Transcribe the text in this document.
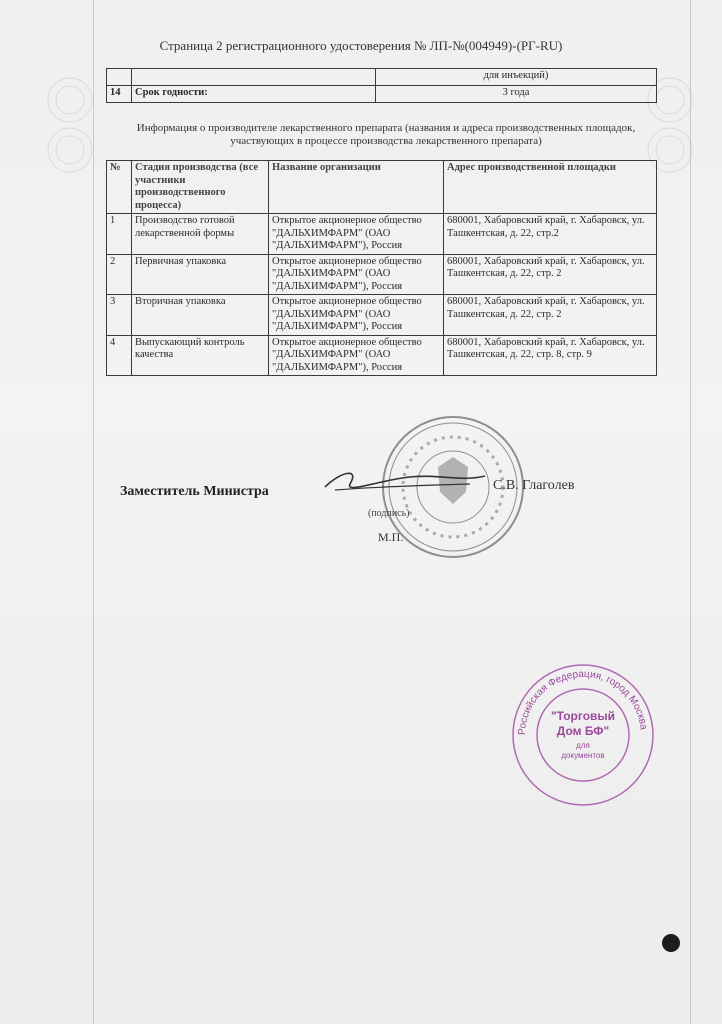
Страница 2 регистрационного удостоверения № ЛП-№(004949)-(РГ-RU)
		для инъекций)
14	Срок годности:	3 года
Информация о производителе лекарственного препарата (названия и адреса производственных площадок, участвующих в процессе производства лекарственного препарата)
№	Стадия производства (все участники производственного процесса)	Название организации	Адрес производственной площадки
1	Производство готовой лекарственной формы	Открытое акционерное общество "ДАЛЬХИМФАРМ" (ОАО "ДАЛЬХИМФАРМ"), Россия	680001, Хабаровский край, г. Хабаровск, ул. Ташкентская, д. 22, стр.2
2	Первичная упаковка	Открытое акционерное общество "ДАЛЬХИМФАРМ" (ОАО "ДАЛЬХИМФАРМ"), Россия	680001, Хабаровский край, г. Хабаровск, ул. Ташкентская, д. 22, стр. 2
3	Вторичная упаковка	Открытое акционерное общество "ДАЛЬХИМФАРМ" (ОАО "ДАЛЬХИМФАРМ"), Россия	680001, Хабаровский край, г. Хабаровск, ул. Ташкентская, д. 22, стр. 2
4	Выпускающий контроль качества	Открытое акционерное общество "ДАЛЬХИМФАРМ" (ОАО "ДАЛЬХИМФАРМ"), Россия	680001, Хабаровский край, г. Хабаровск, ул. Ташкентская, д. 22, стр. 8, стр. 9
Заместитель Министра	С.В. Глаголев
(подпись)
М.П.
Российская Федерация, город Москва
"Торговый
Дом БФ"
для
документов
